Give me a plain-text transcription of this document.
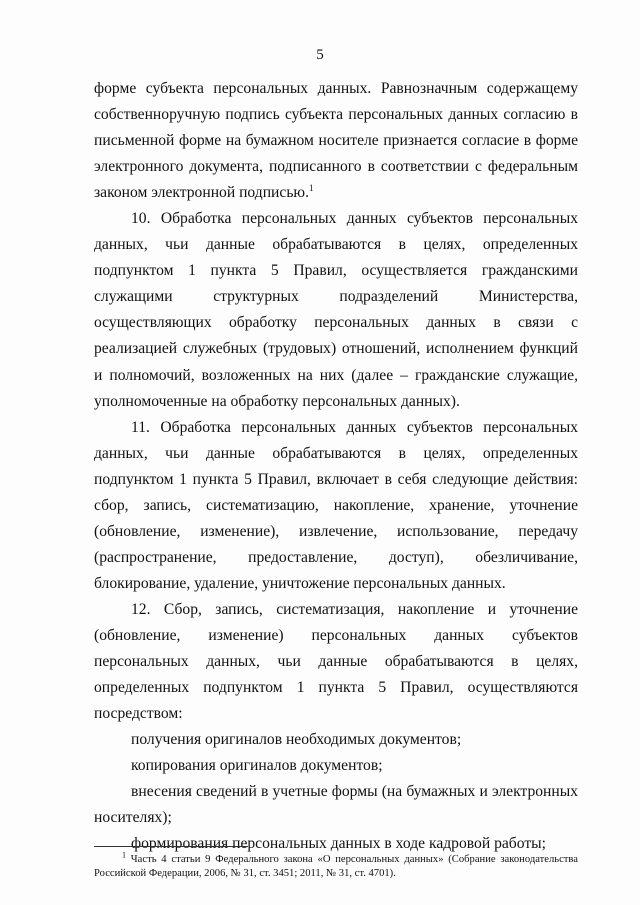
5

форме субъекта персональных данных. Равнозначным содержащему собственноручную подпись субъекта персональных данных согласию в письменной форме на бумажном носителе признается согласие в форме электронного документа, подписанного в соответствии с федеральным законом электронной подписью.$^1$

10. Обработка персональных данных субъектов персональных данных, чьи данные обрабатываются в целях, определенных подпунктом 1 пункта 5 Правил, осуществляется гражданскими служащими структурных подразделений Министерства, осуществляющих обработку персональных данных в связи с реализацией служебных (трудовых) отношений, исполнением функций и полномочий, возложенных на них (далее – гражданские служащие, уполномоченные на обработку персональных данных).

11. Обработка персональных данных субъектов персональных данных, чьи данные обрабатываются в целях, определенных подпунктом 1 пункта 5 Правил, включает в себя следующие действия: сбор, запись, систематизацию, накопление, хранение, уточнение (обновление, изменение), извлечение, использование, передачу (распространение, предоставление, доступ), обезличивание, блокирование, удаление, уничтожение персональных данных.

12. Сбор, запись, систематизация, накопление и уточнение (обновление, изменение) персональных данных субъектов персональных данных, чьи данные обрабатываются в целях, определенных подпунктом 1 пункта 5 Правил, осуществляются посредством:

получения оригиналов необходимых документов;

копирования оригиналов документов;

внесения сведений в учетные формы (на бумажных и электронных носителях);

формирования персональных данных в ходе кадровой работы;

$^1$ Часть 4 статьи 9 Федерального закона «О персональных данных» (Собрание законодательства Российской Федерации, 2006, № 31, ст. 3451; 2011, № 31, ст. 4701).
